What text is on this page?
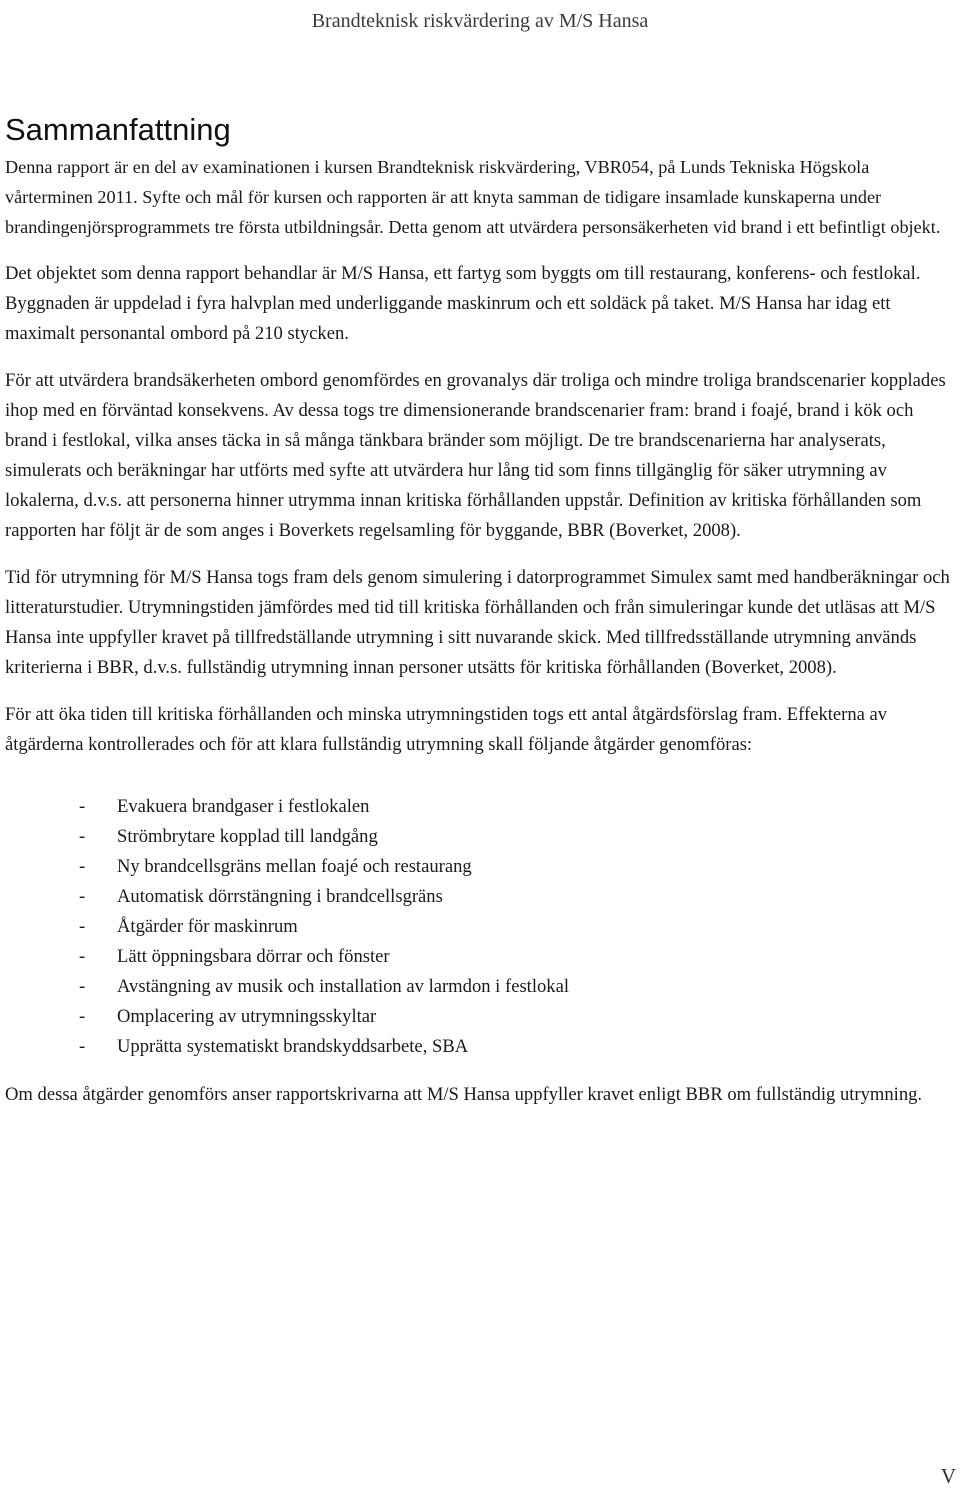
Brandteknisk riskvärdering av M/S Hansa
Sammanfattning

Denna rapport är en del av examinationen i kursen Brandteknisk riskvärdering, VBR054, på Lunds Tekniska Högskola vårterminen 2011. Syfte och mål för kursen och rapporten är att knyta samman de tidigare insamlade kunskaperna under brandingenjörsprogrammets tre första utbildningsår. Detta genom att utvärdera personsäkerheten vid brand i ett befintligt objekt.

Det objektet som denna rapport behandlar är M/S Hansa, ett fartyg som byggts om till restaurang, konferens- och festlokal. Byggnaden är uppdelad i fyra halvplan med underliggande maskinrum och ett soldäck på taket. M/S Hansa har idag ett maximalt personantal ombord på 210 stycken.

För att utvärdera brandsäkerheten ombord genomfördes en grovanalys där troliga och mindre troliga brandscenarier kopplades ihop med en förväntad konsekvens. Av dessa togs tre dimensionerande brandscenarier fram: brand i foajé, brand i kök och brand i festlokal, vilka anses täcka in så många tänkbara bränder som möjligt. De tre brandscenarierna har analyserats, simulerats och beräkningar har utförts med syfte att utvärdera hur lång tid som finns tillgänglig för säker utrymning av lokalerna, d.v.s. att personerna hinner utrymma innan kritiska förhållanden uppstår. Definition av kritiska förhållanden som rapporten har följt är de som anges i Boverkets regelsamling för byggande, BBR (Boverket, 2008).

Tid för utrymning för M/S Hansa togs fram dels genom simulering i datorprogrammet Simulex samt med handberäkningar och litteraturstudier. Utrymningstiden jämfördes med tid till kritiska förhållanden och från simuleringar kunde det utläsas att M/S Hansa inte uppfyller kravet på tillfredställande utrymning i sitt nuvarande skick. Med tillfredsställande utrymning används kriterierna i BBR, d.v.s. fullständig utrymning innan personer utsätts för kritiska förhållanden (Boverket, 2008).

För att öka tiden till kritiska förhållanden och minska utrymningstiden togs ett antal åtgärdsförslag fram. Effekterna av åtgärderna kontrollerades och för att klara fullständig utrymning skall följande åtgärder genomföras:

- Evakuera brandgaser i festlokalen
- Strömbrytare kopplad till landgång
- Ny brandcellsgräns mellan foajé och restaurang
- Automatisk dörrstängning i brandcellsgräns
- Åtgärder för maskinrum
- Lätt öppningsbara dörrar och fönster
- Avstängning av musik och installation av larmdon i festlokal
- Omplacering av utrymningsskyltar
- Upprätta systematiskt brandskyddsarbete, SBA

Om dessa åtgärder genomförs anser rapportskrivarna att M/S Hansa uppfyller kravet enligt BBR om fullständig utrymning.

V
